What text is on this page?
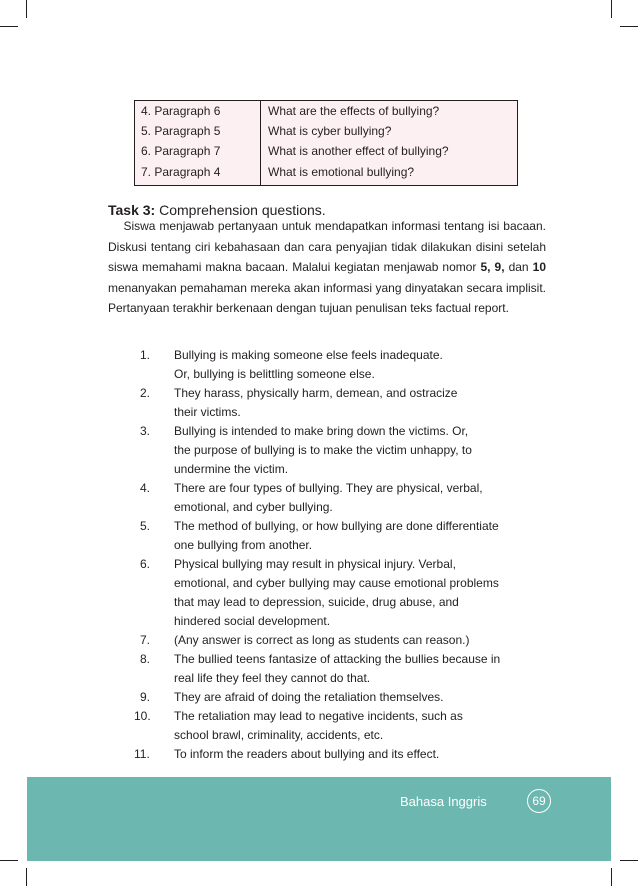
4. Paragraph 6	What are the effects of bullying?
5. Paragraph 5	What is cyber bullying?
6. Paragraph 7	What is another effect of bullying?
7. Paragraph 4	What is emotional bullying?
Task 3: Comprehension questions.

Siswa menjawab pertanyaan untuk mendapatkan informasi tentang isi bacaan. Diskusi tentang ciri kebahasaan dan cara penyajian tidak dilakukan disini setelah siswa memahami makna bacaan. Malalui kegiatan menjawab nomor 5, 9, dan 10 menanyakan pemahaman mereka akan informasi yang dinyatakan secara implisit. Pertanyaan terakhir berkenaan dengan tujuan penulisan teks factual report.

1. Bullying is making someone else feels inadequate.
Or, bullying is belittling someone else.
2. They harass, physically harm, demean, and ostracize
their victims.
3. Bullying is intended to make bring down the victims. Or,
the purpose of bullying is to make the victim unhappy, to
undermine the victim.
4. There are four types of bullying. They are physical, verbal,
emotional, and cyber bullying.
5. The method of bullying, or how bullying are done differentiate
one bullying from another.
6. Physical bullying may result in physical injury. Verbal,
emotional, and cyber bullying may cause emotional problems
that may lead to depression, suicide, drug abuse, and
hindered social development.
7. (Any answer is correct as long as students can reason.)
8. The bullied teens fantasize of attacking the bullies because in
real life they feel they cannot do that.
9. They are afraid of doing the retaliation themselves.
10. The retaliation may lead to negative incidents, such as
school brawl, criminality, accidents, etc.
11. To inform the readers about bullying and its effect.
Bahasa Inggris	69
